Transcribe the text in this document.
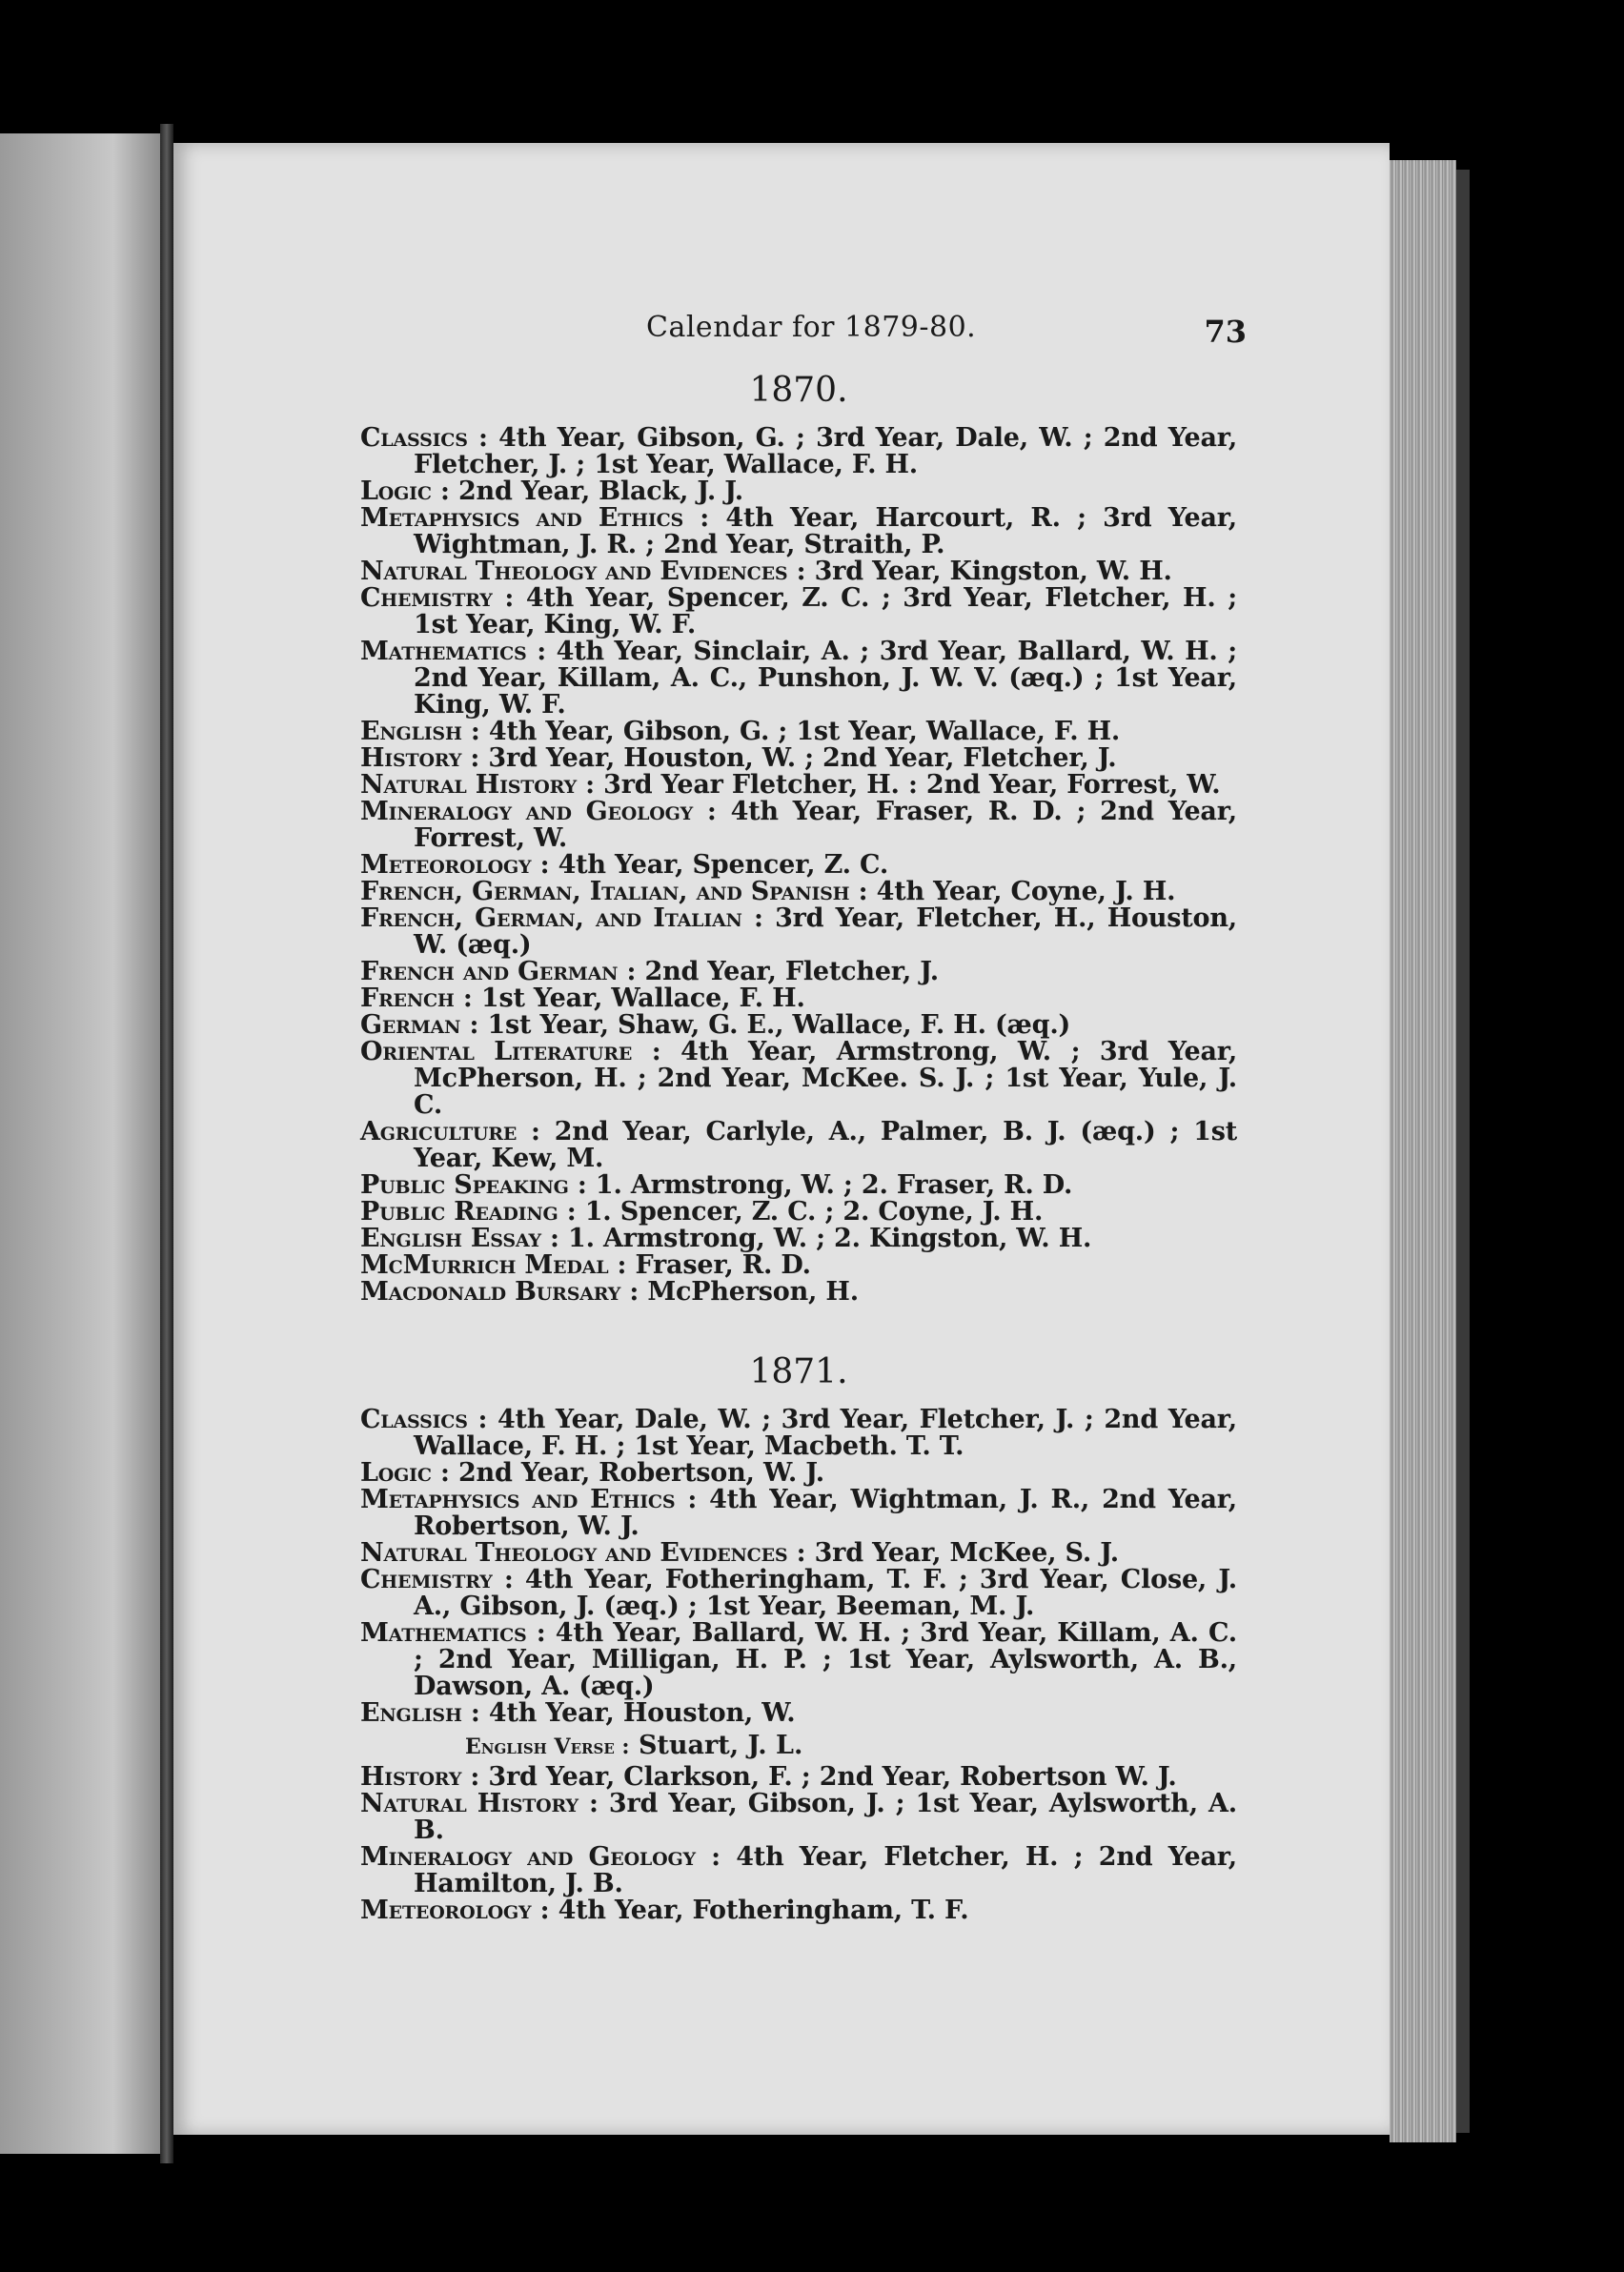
Calendar for 1879-80.	73
1870.

Classics : 4th Year, Gibson, G. ; 3rd Year, Dale, W. ; 2nd Year, Fletcher, J. ; 1st Year, Wallace, F. H.

Logic : 2nd Year, Black, J. J.

Metaphysics and Ethics : 4th Year, Harcourt, R. ; 3rd Year, Wightman, J. R. ; 2nd Year, Straith, P.

Natural Theology and Evidences : 3rd Year, Kingston, W. H.

Chemistry : 4th Year, Spencer, Z. C. ; 3rd Year, Fletcher, H. ; 1st Year, King, W. F.

Mathematics : 4th Year, Sinclair, A. ; 3rd Year, Ballard, W. H. ; 2nd Year, Killam, A. C., Punshon, J. W. V. (æq.) ; 1st Year, King, W. F.

English : 4th Year, Gibson, G. ; 1st Year, Wallace, F. H.

History : 3rd Year, Houston, W. ; 2nd Year, Fletcher, J.

Natural History : 3rd Year Fletcher, H. : 2nd Year, Forrest, W.

Mineralogy and Geology : 4th Year, Fraser, R. D. ; 2nd Year, Forrest, W.

Meteorology : 4th Year, Spencer, Z. C.

French, German, Italian, and Spanish : 4th Year, Coyne, J. H.

French, German, and Italian : 3rd Year, Fletcher, H., Houston, W. (æq.)

French and German : 2nd Year, Fletcher, J.

French : 1st Year, Wallace, F. H.

German : 1st Year, Shaw, G. E., Wallace, F. H. (æq.)

Oriental Literature : 4th Year, Armstrong, W. ; 3rd Year, McPherson, H. ; 2nd Year, McKee. S. J. ; 1st Year, Yule, J. C.

Agriculture : 2nd Year, Carlyle, A., Palmer, B. J. (æq.) ; 1st Year, Kew, M.

Public Speaking : 1. Armstrong, W. ; 2. Fraser, R. D.

Public Reading : 1. Spencer, Z. C. ; 2. Coyne, J. H.

English Essay : 1. Armstrong, W. ; 2. Kingston, W. H.

McMurrich Medal : Fraser, R. D.

Macdonald Bursary : McPherson, H.

1871.

Classics : 4th Year, Dale, W. ; 3rd Year, Fletcher, J. ; 2nd Year, Wallace, F. H. ; 1st Year, Macbeth. T. T.

Logic : 2nd Year, Robertson, W. J.

Metaphysics and Ethics : 4th Year, Wightman, J. R., 2nd Year, Robertson, W. J.

Natural Theology and Evidences : 3rd Year, McKee, S. J.

Chemistry : 4th Year, Fotheringham, T. F. ; 3rd Year, Close, J. A., Gibson, J. (æq.) ; 1st Year, Beeman, M. J.

Mathematics : 4th Year, Ballard, W. H. ; 3rd Year, Killam, A. C. ; 2nd Year, Milligan, H. P. ; 1st Year, Aylsworth, A. B., Dawson, A. (æq.)

English : 4th Year, Houston, W.

English Verse : Stuart, J. L.

History : 3rd Year, Clarkson, F. ; 2nd Year, Robertson W. J.

Natural History : 3rd Year, Gibson, J. ; 1st Year, Aylsworth, A. B.

Mineralogy and Geology : 4th Year, Fletcher, H. ; 2nd Year, Hamilton, J. B.

Meteorology : 4th Year, Fotheringham, T. F.
